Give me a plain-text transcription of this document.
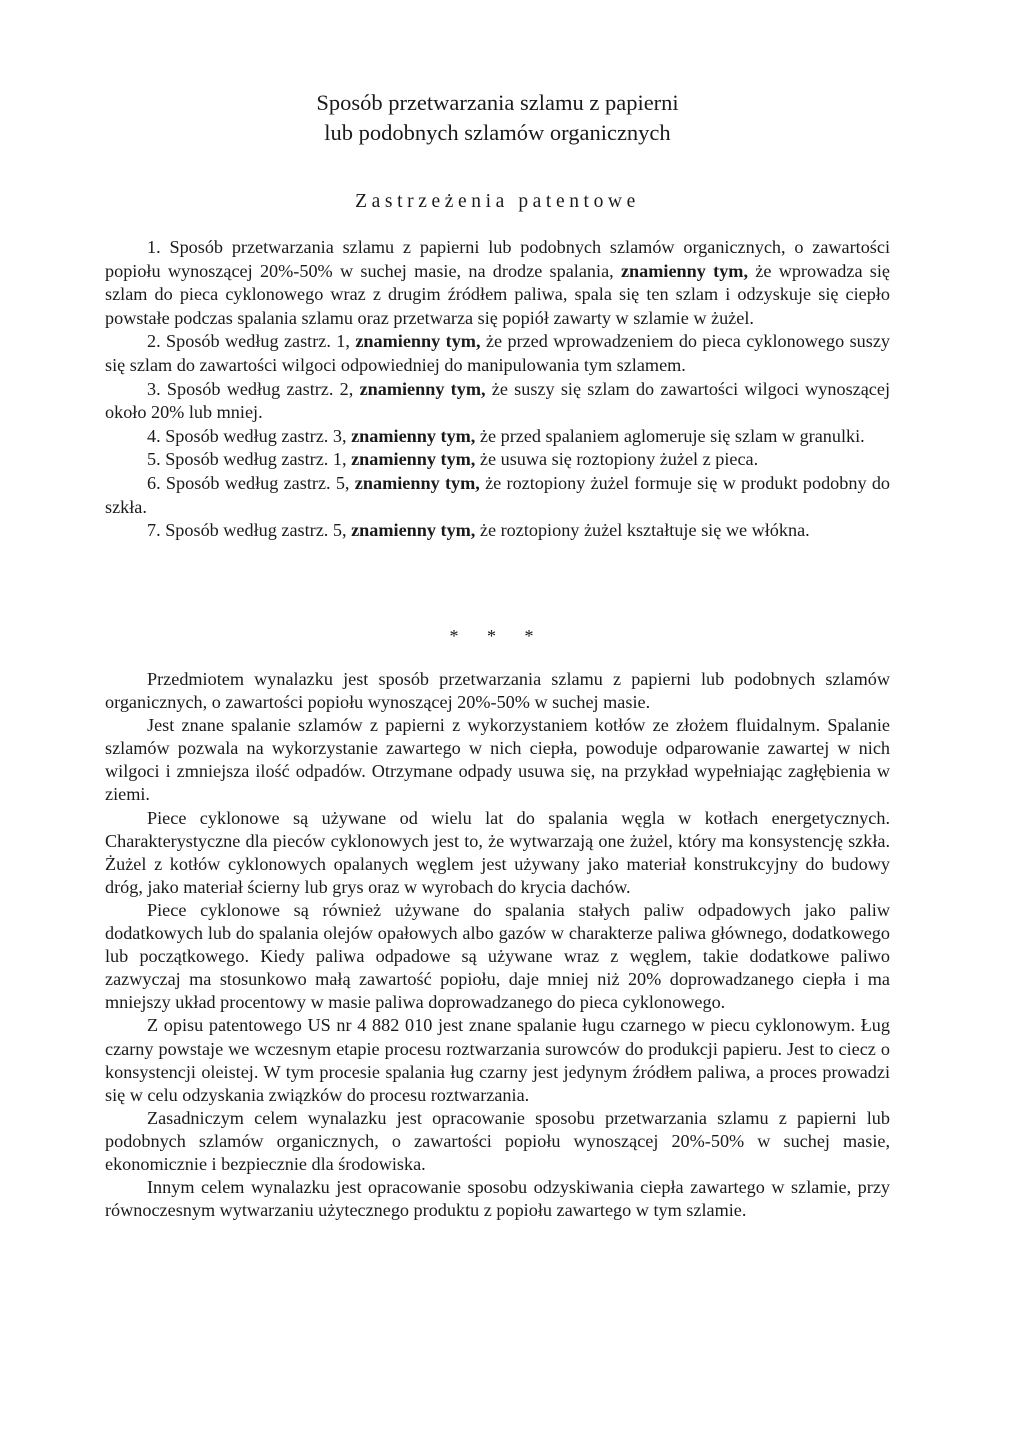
Sposób przetwarzania szlamu z papierni
lub podobnych szlamów organicznych
Zastrzeżenia patentowe

1. Sposób przetwarzania szlamu z papierni lub podobnych szlamów organicznych, o zawartości popiołu wynoszącej 20%-50% w suchej masie, na drodze spalania, znamienny tym, że wprowadza się szlam do pieca cyklonowego wraz z drugim źródłem paliwa, spala się ten szlam i odzyskuje się ciepło powstałe podczas spalania szlamu oraz przetwarza się popiół zawarty w szlamie w żużel.

2. Sposób według zastrz. 1, znamienny tym, że przed wprowadzeniem do pieca cyklonowego suszy się szlam do zawartości wilgoci odpowiedniej do manipulowania tym szlamem.

3. Sposób według zastrz. 2, znamienny tym, że suszy się szlam do zawartości wilgoci wynoszącej około 20% lub mniej.

4. Sposób według zastrz. 3, znamienny tym, że przed spalaniem aglomeruje się szlam w granulki.

5. Sposób według zastrz. 1, znamienny tym, że usuwa się roztopiony żużel z pieca.

6. Sposób według zastrz. 5, znamienny tym, że roztopiony żużel formuje się w produkt podobny do szkła.

7. Sposób według zastrz. 5, znamienny tym, że roztopiony żużel kształtuje się we włókna.

* * *

Przedmiotem wynalazku jest sposób przetwarzania szlamu z papierni lub podobnych szlamów organicznych, o zawartości popiołu wynoszącej 20%-50% w suchej masie.

Jest znane spalanie szlamów z papierni z wykorzystaniem kotłów ze złożem fluidalnym. Spalanie szlamów pozwala na wykorzystanie zawartego w nich ciepła, powoduje odparowanie zawartej w nich wilgoci i zmniejsza ilość odpadów. Otrzymane odpady usuwa się, na przykład wypełniając zagłębienia w ziemi.

Piece cyklonowe są używane od wielu lat do spalania węgla w kotłach energetycznych. Charakterystyczne dla pieców cyklonowych jest to, że wytwarzają one żużel, który ma konsystencję szkła. Żużel z kotłów cyklonowych opalanych węglem jest używany jako materiał konstrukcyjny do budowy dróg, jako materiał ścierny lub grys oraz w wyrobach do krycia dachów.

Piece cyklonowe są również używane do spalania stałych paliw odpadowych jako paliw dodatkowych lub do spalania olejów opałowych albo gazów w charakterze paliwa głównego, dodatkowego lub początkowego. Kiedy paliwa odpadowe są używane wraz z węglem, takie dodatkowe paliwo zazwyczaj ma stosunkowo małą zawartość popiołu, daje mniej niż 20% doprowadzanego ciepła i ma mniejszy układ procentowy w masie paliwa doprowadzanego do pieca cyklonowego.

Z opisu patentowego US nr 4 882 010 jest znane spalanie ługu czarnego w piecu cyklonowym. Ług czarny powstaje we wczesnym etapie procesu roztwarzania surowców do produkcji papieru. Jest to ciecz o konsystencji oleistej. W tym procesie spalania ług czarny jest jedynym źródłem paliwa, a proces prowadzi się w celu odzyskania związków do procesu roztwarzania.

Zasadniczym celem wynalazku jest opracowanie sposobu przetwarzania szlamu z papierni lub podobnych szlamów organicznych, o zawartości popiołu wynoszącej 20%-50% w suchej masie, ekonomicznie i bezpiecznie dla środowiska.

Innym celem wynalazku jest opracowanie sposobu odzyskiwania ciepła zawartego w szlamie, przy równoczesnym wytwarzaniu użytecznego produktu z popiołu zawartego w tym szlamie.
